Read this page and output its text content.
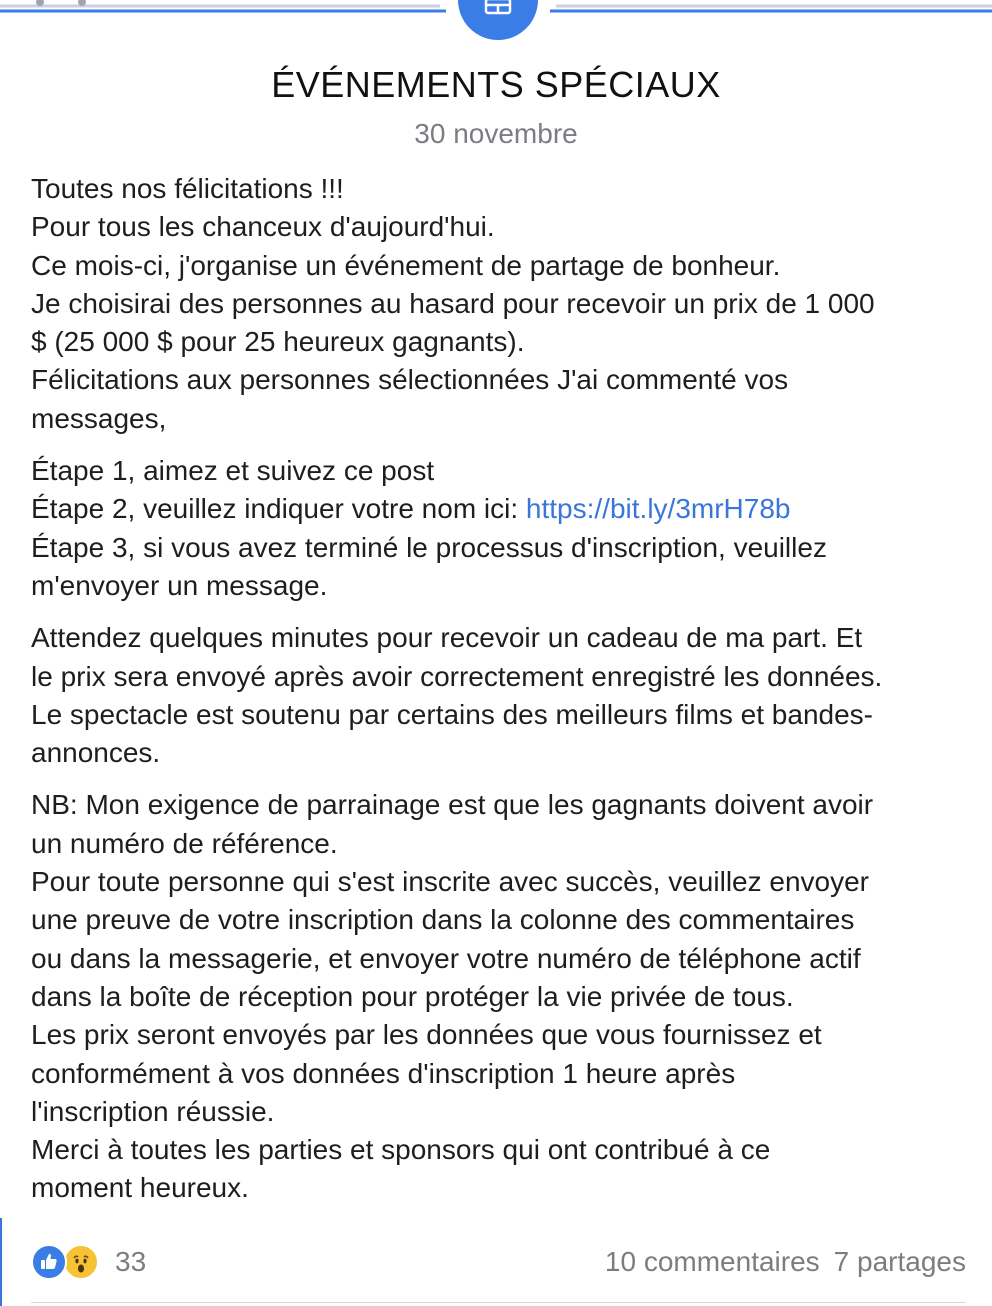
ÉVÉNEMENTS SPÉCIAUX
30 novembre
Toutes nos félicitations !!!
Pour tous les chanceux d'aujourd'hui.
Ce mois-ci, j'organise un événement de partage de bonheur.
Je choisirai des personnes au hasard pour recevoir un prix de 1 000
$ (25 000 $ pour 25 heureux gagnants).
Félicitations aux personnes sélectionnées J'ai commenté vos
messages,
Étape 1, aimez et suivez ce post
Étape 2, veuillez indiquer votre nom ici: https://bit.ly/3mrH78b
Étape 3, si vous avez terminé le processus d'inscription, veuillez
m'envoyer un message.
Attendez quelques minutes pour recevoir un cadeau de ma part. Et
le prix sera envoyé après avoir correctement enregistré les données.
Le spectacle est soutenu par certains des meilleurs films et bandes-
annonces.
NB: Mon exigence de parrainage est que les gagnants doivent avoir
un numéro de référence.
Pour toute personne qui s'est inscrite avec succès, veuillez envoyer
une preuve de votre inscription dans la colonne des commentaires
ou dans la messagerie, et envoyer votre numéro de téléphone actif
dans la boîte de réception pour protéger la vie privée de tous.
Les prix seront envoyés par les données que vous fournissez et
conformément à vos données d'inscription 1 heure après
l'inscription réussie.
Merci à toutes les parties et sponsors qui ont contribué à ce
moment heureux.
33	10 commentaires 7 partages
